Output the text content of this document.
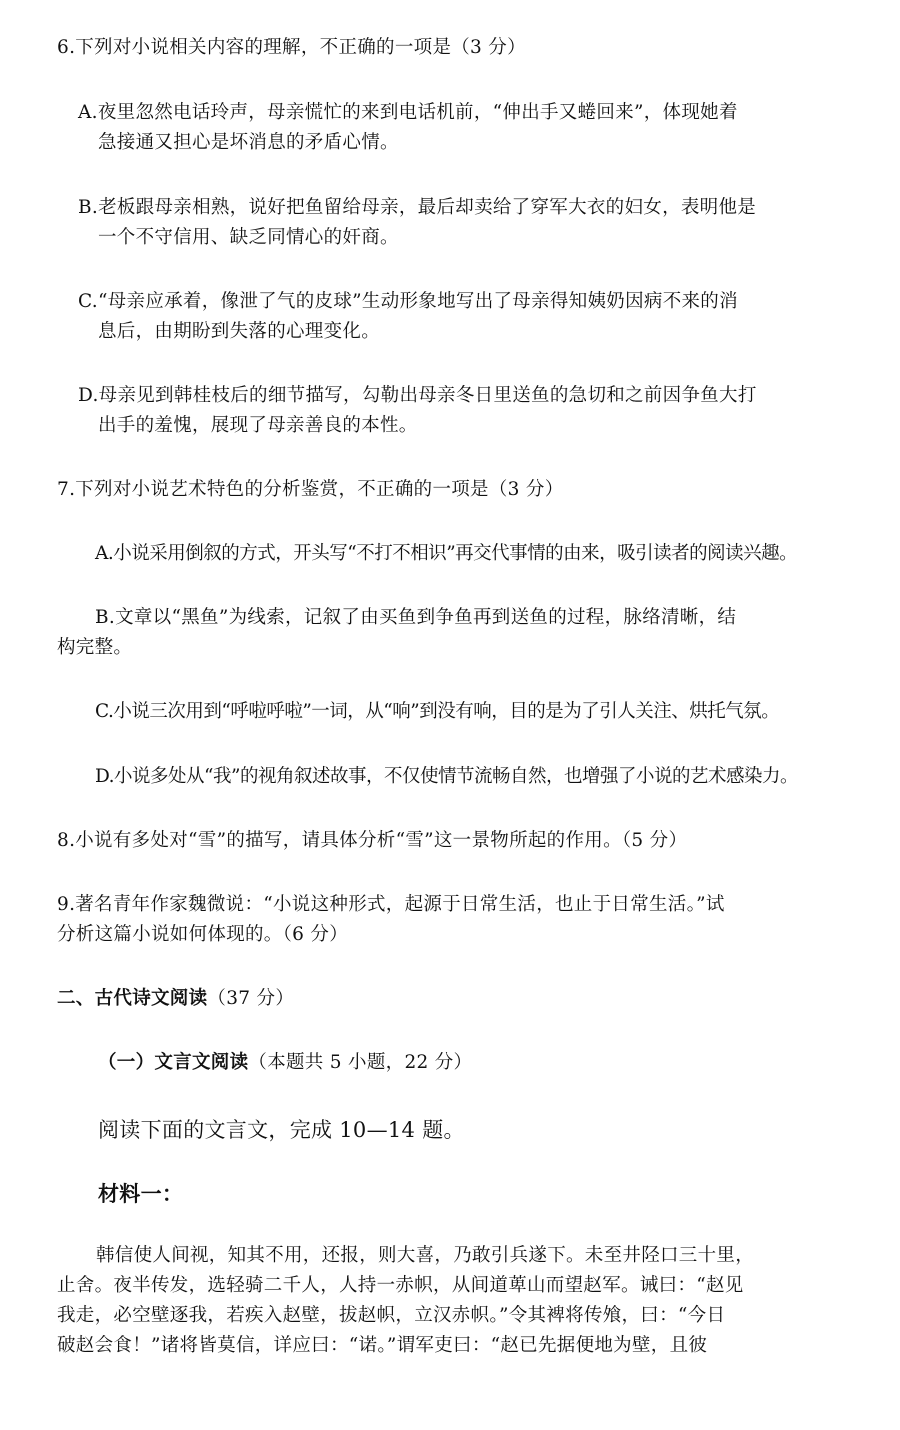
6.下列对小说相关内容的理解，不正确的一项是（3 分）

A.夜里忽然电话玲声，母亲慌忙的来到电话机前，“伸出手又蜷回来”，体现她着

急接通又担心是坏消息的矛盾心情。

B.老板跟母亲相熟，说好把鱼留给母亲，最后却卖给了穿军大衣的妇女，表明他是

一个不守信用、缺乏同情心的奸商。

C.“母亲应承着，像泄了气的皮球”生动形象地写出了母亲得知姨奶因病不来的消

息后，由期盼到失落的心理变化。

D.母亲见到韩桂枝后的细节描写，勾勒出母亲冬日里送鱼的急切和之前因争鱼大打

出手的羞愧，展现了母亲善良的本性。

7.下列对小说艺术特色的分析鉴赏，不正确的一项是（3 分）

A.小说采用倒叙的方式，开头写“不打不相识”再交代事情的由来，吸引读者的阅读兴趣。

B.文章以“黑鱼”为线索，记叙了由买鱼到争鱼再到送鱼的过程，脉络清晰，结

构完整。

C.小说三次用到“呼啦呼啦”一词，从“响”到没有响，目的是为了引人关注、烘托气氛。

D.小说多处从“我”的视角叙述故事，不仅使情节流畅自然，也增强了小说的艺术感染力。

8.小说有多处对“雪”的描写，请具体分析“雪”这一景物所起的作用。（5 分）

9.著名青年作家魏微说：“小说这种形式，起源于日常生活，也止于日常生活。”试

分析这篇小说如何体现的。（6 分）

二、古代诗文阅读（37 分）

（一）文言文阅读（本题共 5 小题，22 分）

阅读下面的文言文，完成 10—14 题。

材料一：

韩信使人间视，知其不用，还报，则大喜，乃敢引兵遂下。未至井陉口三十里，

止舍。夜半传发，选轻骑二千人，人持一赤帜，从间道萆山而望赵军。诫曰：“赵见

我走，必空壁逐我，若疾入赵壁，拔赵帜，立汉赤帜。”令其裨将传飧，曰：“今日

破赵会食！”诸将皆莫信，详应曰：“诺。”谓军吏曰：“赵已先据便地为壁，且彼
